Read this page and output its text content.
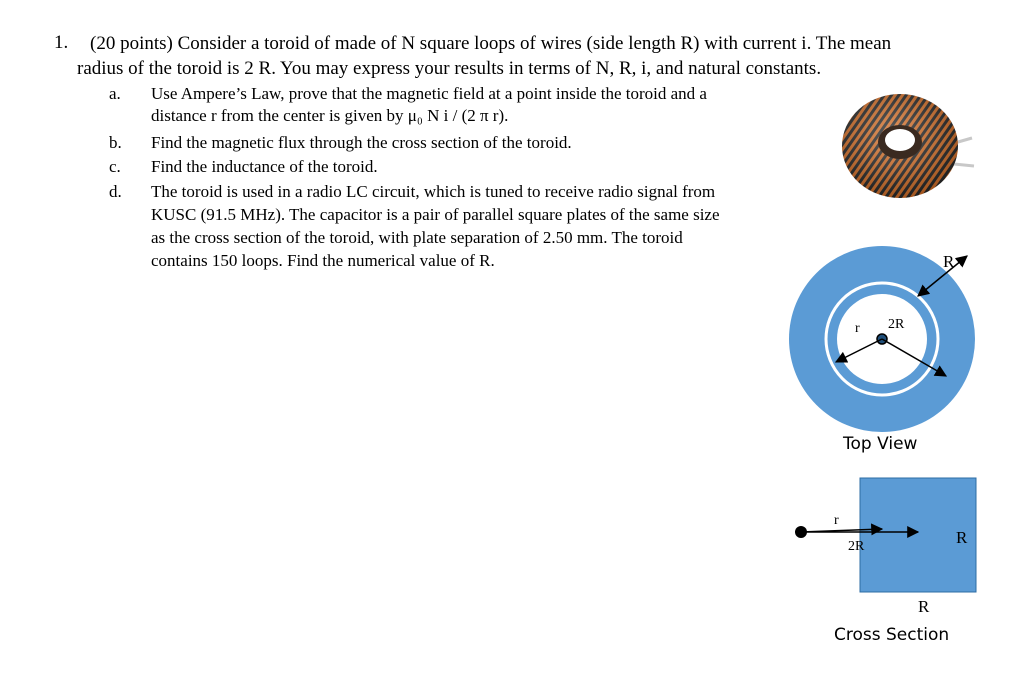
1. (20 points) Consider a toroid of made of N square loops of wires (side length R) with current i. The mean
radius of the toroid is 2 R. You may express your results in terms of N, R, i, and natural constants.
a. Use Ampere’s Law, prove that the magnetic field at a point inside the toroid and a
distance r from the center is given by μ₀ N i / (2 π r).
b. Find the magnetic flux through the cross section of the toroid.
c. Find the inductance of the toroid.
d. The toroid is used in a radio LC circuit, which is tuned to receive radio signal from
KUSC (91.5 MHz). The capacitor is a pair of parallel square plates of the same size
as the cross section of the toroid, with plate separation of 2.50 mm. The toroid
contains 150 loops. Find the numerical value of R.	R
r 2R
Top View
r
2R	R
R
Cross Section
